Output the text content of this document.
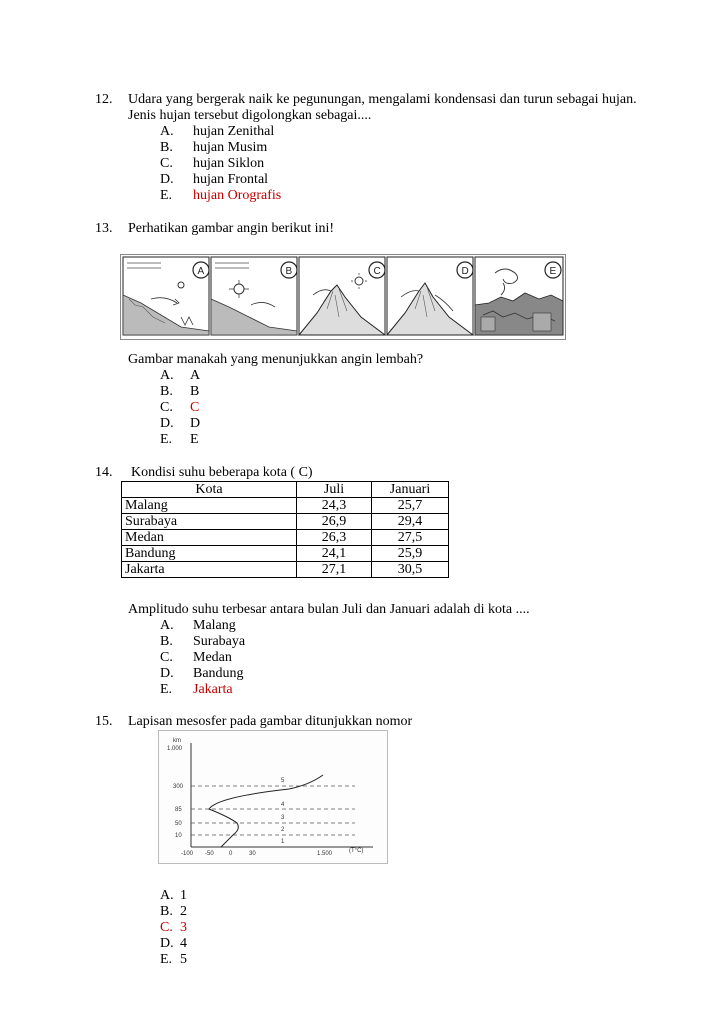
12. Udara yang bergerak naik ke pegunungan, mengalami kondensasi dan turun sebagai hujan.
Jenis hujan tersebut digolongkan sebagai....
A. hujan Zenithal
B. hujan Musim
C. hujan Siklon
D. hujan Frontal
E. hujan Orografis
13. Perhatikan gambar angin berikut ini!
A	B	C	D	E
Gambar manakah yang menunjukkan angin lembah?
A. A
B. B
C. C
D. D
E. E
14. Kondisi suhu beberapa kota ( C)
Kota	Juli	Januari
Malang	24,3	25,7
Surabaya	26,9	29,4
Medan	26,3	27,5
Bandung	24,1	25,9
Jakarta	27,1	30,5
Amplitudo suhu terbesar antara bulan Juli dan Januari adalah di kota ....
A. Malang
B. Surabaya
C. Medan
D. Bandung
E. Jakarta
15. Lapisan mesosfer pada gambar ditunjukkan nomor
km
1.000
300
85
50
10
1
2
3
4
5
-100 -50	0	30	1.500	(T°C)
A. 1
B. 2
C. 3
D. 4
E. 5
